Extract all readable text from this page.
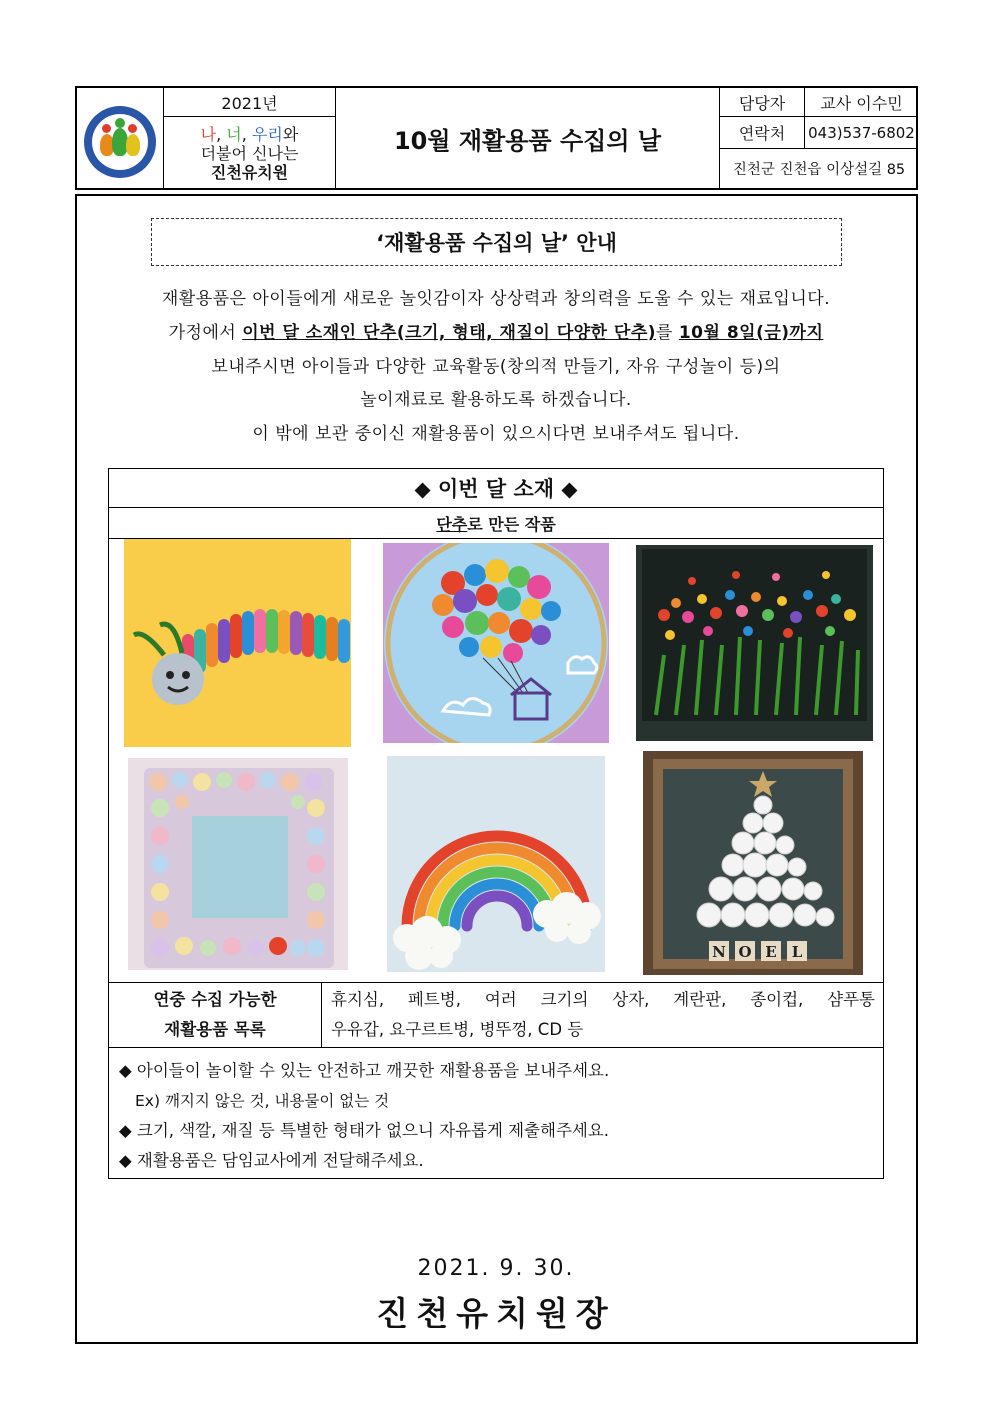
2021년
나, 너, 우리와
더불어 신나는
진천유치원
10월 재활용품 수집의 날
담당자	교사 이수민
연락처	043)537-6802
진천군 진천읍 이상설길 85
‘재활용품 수집의 날’ 안내
재활용품은 아이들에게 새로운 놀잇감이자 상상력과 창의력을 도울 수 있는 재료입니다.
가정에서 이번 달 소재인 단추(크기, 형태, 재질이 다양한 단추)를 10월 8일(금)까지
보내주시면 아이들과 다양한 교육활동(창의적 만들기, 자유 구성놀이 등)의
놀이재료로 활용하도록 하겠습니다.
이 밖에 보관 중이신 재활용품이 있으시다면 보내주셔도 됩니다.
◆ 이번 달 소재 ◆
단추 로 만든 작품
N O E L
연중 수집 가능한
재활용품 목록
휴지심, 페트병, 여러 크기의 상자, 계란판, 종이컵, 샴푸통
우유갑, 요구르트병, 병뚜껑, CD 등
◆ 아이들이 놀이할 수 있는 안전하고 깨끗한 재활용품을 보내주세요.
Ex) 깨지지 않은 것, 내용물이 없는 것
◆ 크기, 색깔, 재질 등 특별한 형태가 없으니 자유롭게 제출해주세요.
◆ 재활용품은 담임교사에게 전달해주세요.
2021. 9. 30.
진천유치원장
